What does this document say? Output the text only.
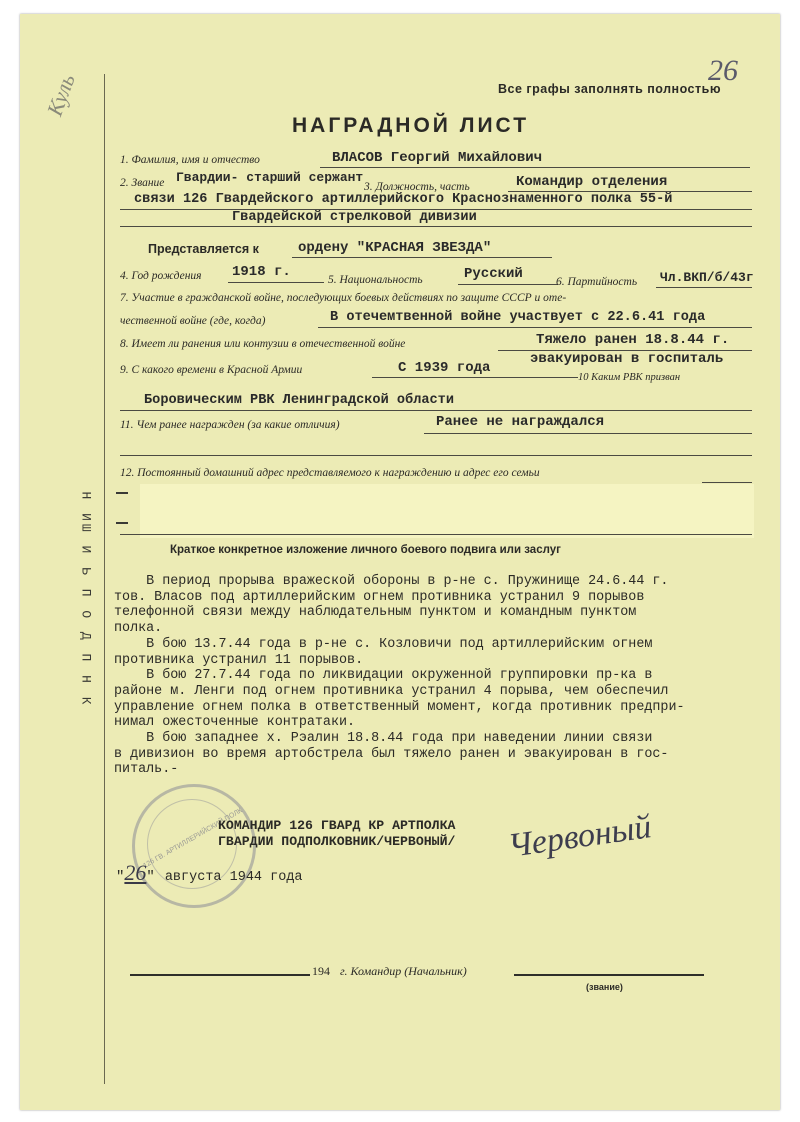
Н ИШ И Ь П О Д П Н К
Куль	Все графы заполнять полностью
26
НАГРАДНОЙ ЛИСТ
1. Фамилия, имя и отчество	ВЛАСОВ Георгий Михайлович
2. Звание Гвардии- старший сержант
3. Должность, часть	Командир отделения
связи 126 Гвардейского артиллерийского Краснознаменного полка 55-й
Гвардейской стрелковой дивизии
Представляется к	ордену "КРАСНАЯ ЗВЕЗДА"
4. Год рождения 1918 г.	5. Национальность	Русский	6. Партийность Чл.ВКП/б/43г
7. Участие в гражданской войне, последующих боевых действиях по защите СССР и оте-
чественной войне (где, когда)	В отечемтвенной войне участвует с 22.6.41 года
8. Имеет ли ранения или контузии в отечественной войне	Тяжело ранен 18.8.44 г.
эвакуирован в госпиталь
9. С какого времени в Красной Армии	С 1939 года
10 Каким РВК призван
Боровическим РВК Ленинградской области
11. Чем ранее награжден (за какие отличия)	Ранее не награждался
12. Постоянный домашний адрес представляемого к награждению и адрес его семьи
Краткое конкретное изложение личного боевого подвига или заслуг
В период прорыва вражеской обороны в р-не с. Пружинище 24.6.44 г.
тов. Власов под артиллерийским огнем противника устранил 9 порывов
телефонной связи между наблюдательным пунктом и командным пунктом
полка.
В бою 13.7.44 года в р-не с. Козловичи под артиллерийским огнем
противника устранил 11 порывов.
В бою 27.7.44 года по ликвидации окруженной группировки пр-ка в
районе м. Ленги под огнем противника устранил 4 порыва, чем обеспечил
управление огнем полка в ответственный момент, когда противник предпри-
нимал ожесточенные контратаки.
В бою западнее х. Рэалин 18.8.44 года при наведении линии связи
в дивизион во время артобстрела был тяжело ранен и эвакуирован в гос-
питаль.-
126 ГВ. АРТИЛЛЕРИЙСКИЙ ПОЛК
КОМАНДИР 126 ГВАРД КР АРТПОЛКА
ГВАРДИИ ПОДПОЛКОВНИК/ЧЕРВОНЫЙ/ Червоный
"26" августа 1944 года
194 г. Командир (Начальник)
(звание)
